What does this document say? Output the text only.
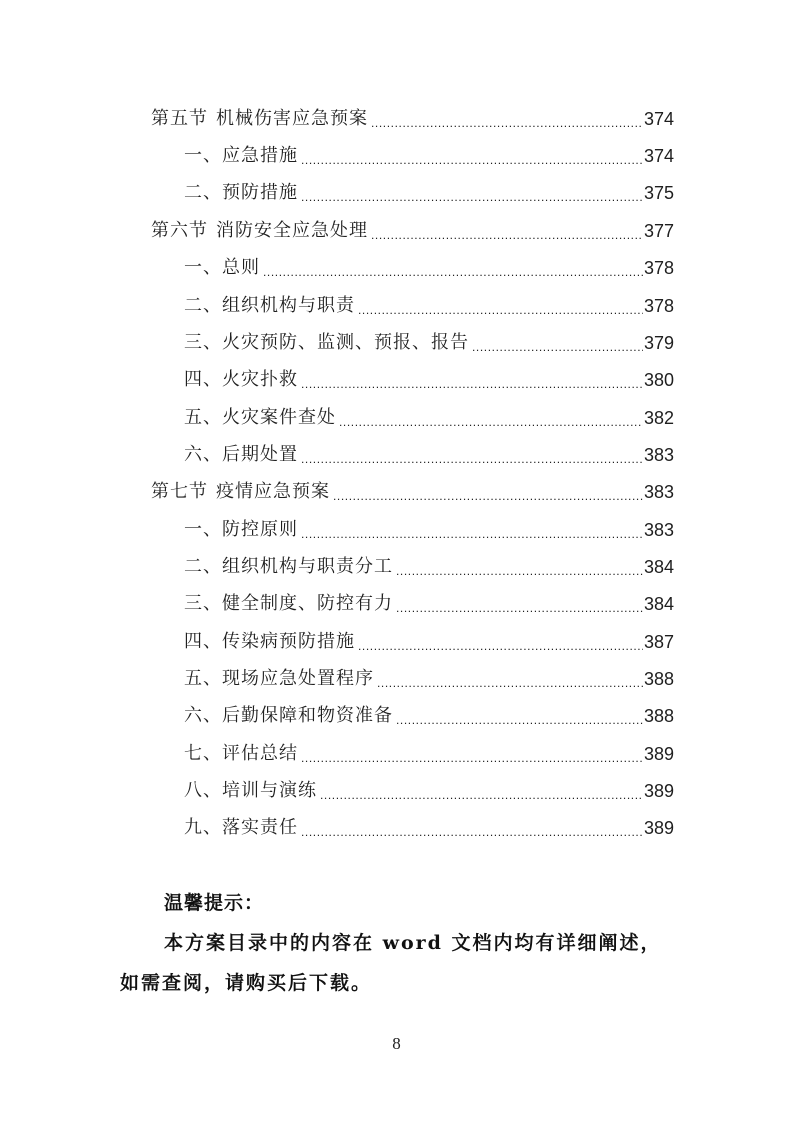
第五节 机械伤害应急预案 .....	374
一、应急措施 .....	374
二、预防措施 .....	375
第六节 消防安全应急处理 .....	377
一、总则 .....	378
二、组织机构与职责 .....	378
三、火灾预防、监测、预报、报告 .....	379
四、火灾扑救 .....	380
五、火灾案件查处 .....	382
六、后期处置 .....	383
第七节 疫情应急预案 .....	383
一、防控原则 .....	383
二、组织机构与职责分工 .....	384
三、健全制度、防控有力 .....	384
四、传染病预防措施 .....	387
五、现场应急处置程序 .....	388
六、后勤保障和物资准备 .....	388
七、评估总结 .....	389
八、培训与演练 .....	389
九、落实责任 .....	389
温馨提示：
本方案目录中的内容在 word 文档内均有详细阐述，
如需查阅，请购买后下载。
8
